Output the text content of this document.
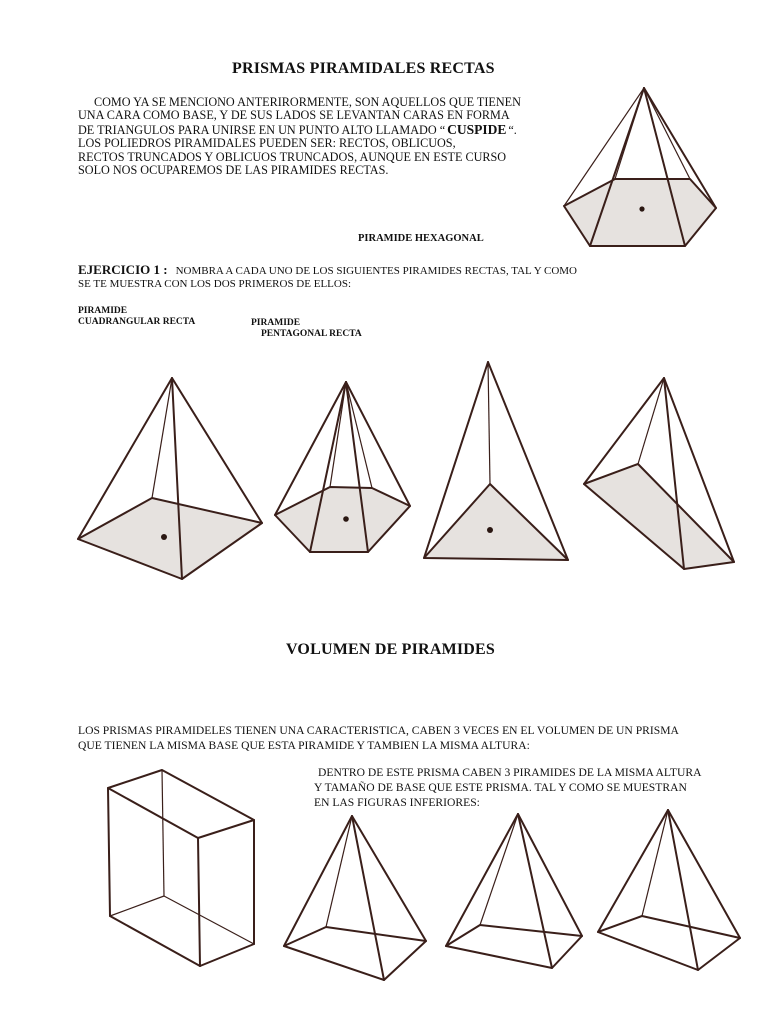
PRISMAS PIRAMIDALES RECTAS
COMO YA SE MENCIONO ANTERIRORMENTE, SON AQUELLOS QUE TIENEN
UNA CARA COMO BASE, Y DE SUS LADOS SE LEVANTAN CARAS EN FORMA
DE TRIANGULOS PARA UNIRSE EN UN PUNTO ALTO LLAMADO “ CUSPIDE “.
LOS POLIEDROS PIRAMIDALES PUEDEN SER: RECTOS, OBLICUOS,
RECTOS TRUNCADOS Y OBLICUOS TRUNCADOS, AUNQUE EN ESTE CURSO
SOLO NOS OCUPAREMOS DE LAS PIRAMIDES RECTAS.
PIRAMIDE HEXAGONAL
EJERCICIO 1 : NOMBRA A CADA UNO DE LOS SIGUIENTES PIRAMIDES RECTAS, TAL Y COMO
SE TE MUESTRA CON LOS DOS PRIMEROS DE ELLOS:
PIRAMIDE
CUADRANGULAR RECTA	PIRAMIDE
PENTAGONAL RECTA
VOLUMEN DE PIRAMIDES
LOS PRISMAS PIRAMIDELES TIENEN UNA CARACTERISTICA, CABEN 3 VECES EN EL VOLUMEN DE UN PRISMA
QUE TIENEN LA MISMA BASE QUE ESTA PIRAMIDE Y TAMBIEN LA MISMA ALTURA:
DENTRO DE ESTE PRISMA CABEN 3 PIRAMIDES DE LA MISMA ALTURA
Y TAMAÑO DE BASE QUE ESTE PRISMA. TAL Y COMO SE MUESTRAN
EN LAS FIGURAS INFERIORES:
